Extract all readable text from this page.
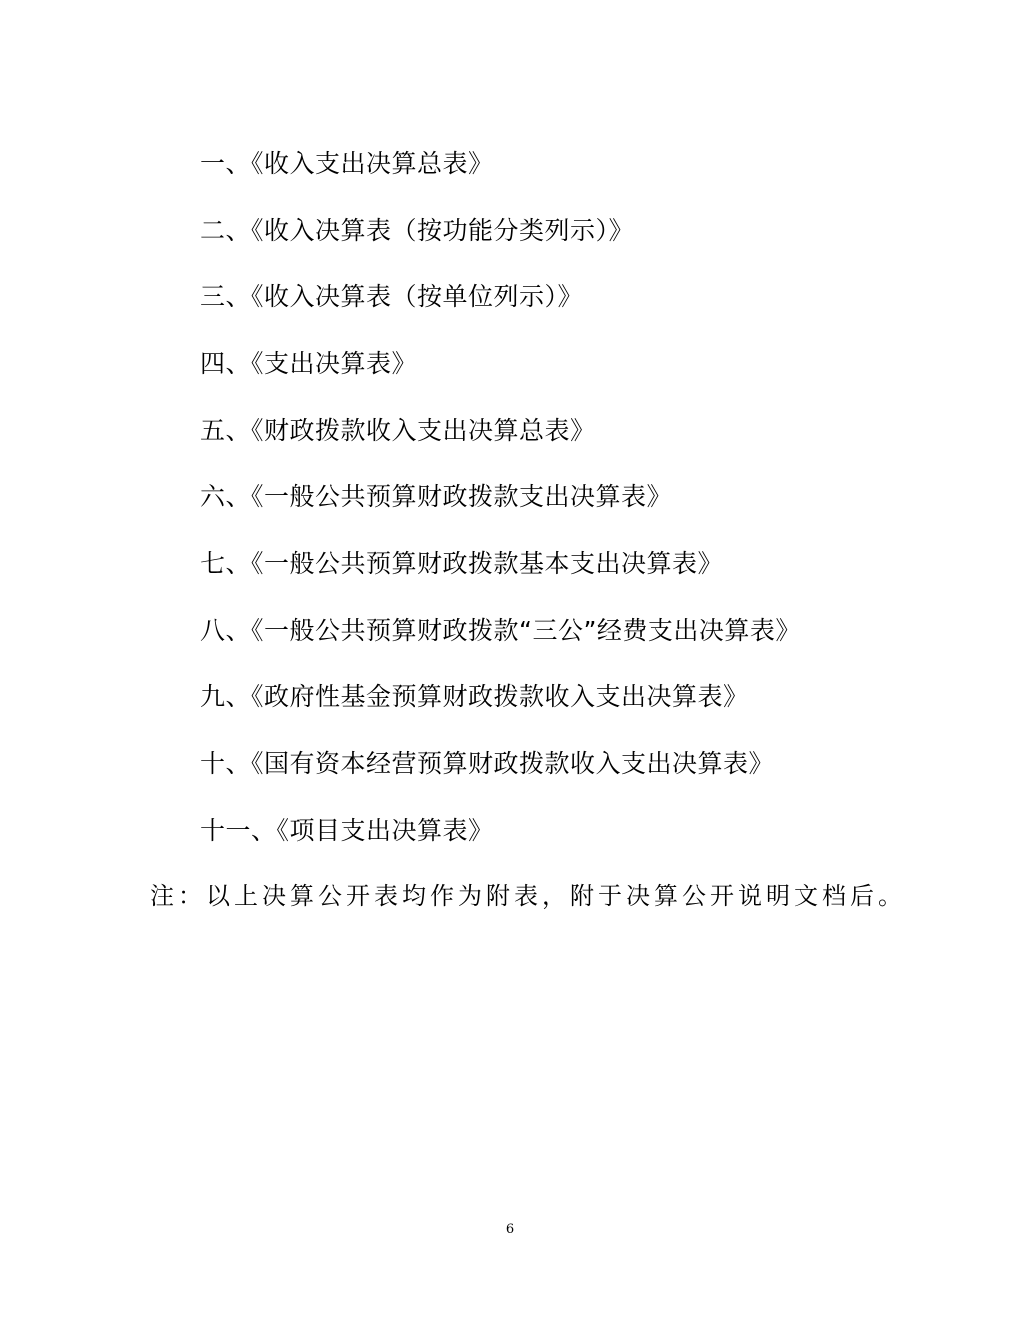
一、《收入支出决算总表》
二、《收入决算表（按功能分类列示）》
三、《收入决算表（按单位列示）》
四、《支出决算表》
五、《财政拨款收入支出决算总表》
六、《一般公共预算财政拨款支出决算表》
七、《一般公共预算财政拨款基本支出决算表》
八、《一般公共预算财政拨款“三公”经费支出决算表》
九、《政府性基金预算财政拨款收入支出决算表》
十、《国有资本经营预算财政拨款收入支出决算表》
十一、《项目支出决算表》
注：以上决算公开表均作为附表，附于决算公开说明文档后。
6
